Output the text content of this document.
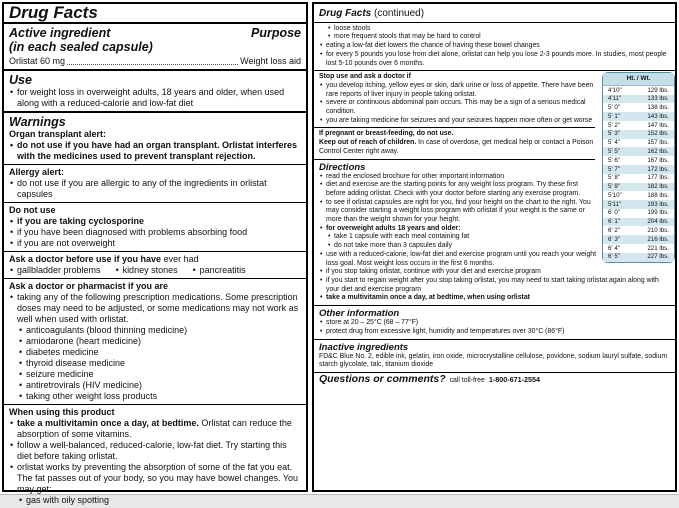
Drug Facts
Active ingredient	Purpose
(in each sealed capsule)
Orlistat 60 mg	Weight loss aid
Use
• for weight loss in overweight adults, 18 years and older, when used along with a reduced-calorie and low-fat diet
Warnings
Organ transplant alert:
• do not use if you have had an organ transplant. Orlistat interferes with the medicines used to prevent transplant rejection.
Allergy alert:
• do not use if you are allergic to any of the ingredients in orlistat capsules
Do not use
• if you are taking cyclosporine
• if you have been diagnosed with problems absorbing food
• if you are not overweight
Ask a doctor before use if you have ever had
• gallbladder problems • kidney stones • pancreatitis
Ask a doctor or pharmacist if you are
• taking any of the following prescription medications. Some prescription doses may need to be adjusted, or some medications may not work as well when used with orlistat.
• anticoagulants (blood thinning medicine)
• amiodarone (heart medicine)
• diabetes medicine
• thyroid disease medicine
• seizure medicine
• antiretrovirals (HIV medicine)
• taking other weight loss products
When using this product
• take a multivitamin once a day, at bedtime. Orlistat can reduce the absorption of some vitamins.
• follow a well-balanced, reduced-calorie, low-fat diet. Try starting this diet before taking orlistat.
• orlistat works by preventing the absorption of some of the fat you eat. The fat passes out of your body, so you may have bowel changes. You may get:
• gas with oily spotting
Drug Facts (continued)
• loose stools
• more frequent stools that may be hard to control
• eating a low-fat diet lowers the chance of having these bowel changes
• for every 5 pounds you lose from diet alone, orlistat can help you lose 2-3 pounds more. In studies, most people lost 5-10 pounds over 6 months.
Ht. / Wt.	
4'10"	129 lbs.
4'11"	133 lbs.
5' 0"	138 lbs.
5' 1"	143 lbs.
5' 2"	147 lbs.
5' 3"	152 lbs.
5' 4"	157 lbs.
5' 5"	162 lbs.
5' 6"	167 lbs.
5' 7"	172 lbs.
5' 8"	177 lbs.
5' 9"	182 lbs.
5'10"	188 lbs.
5'11"	193 lbs.
6' 0"	199 lbs.
6' 1"	204 lbs.
6' 2"	210 lbs.
6' 3"	216 lbs.
6' 4"	221 lbs.
6' 5"	227 lbs.
Stop use and ask a doctor if
• you develop itching, yellow eyes or skin, dark urine or loss of appetite. There have been rare reports of liver injury in people taking orlistat.
• severe or continuous abdominal pain occurs. This may be a sign of a serious medical condition.
• you are taking medicine for seizures and your seizures happen more often or get worse
If pregnant or breast-feeding, do not use.
Keep out of reach of children. In case of overdose, get medical help or contact a Poison Control Center right away.
Directions
• read the enclosed brochure for other important information
• diet and exercise are the starting points for any weight loss program. Try these first before adding orlistat. Check with your doctor before starting any exercise program.
• to see if orlistat capsules are right for you, find your height on the chart to the right. You may consider starting a weight loss program with orlistat if your weight is the same or more than the weight shown for your height.
• for overweight adults 18 years and older:
• take 1 capsule with each meal containing fat
• do not take more than 3 capsules daily
• use with a reduced-calorie, low-fat diet and exercise program until you reach your weight loss goal. Most weight loss occurs in the first 6 months.
• if you stop taking orlistat, continue with your diet and exercise program
• if you start to regain weight after you stop taking orlistat, you may need to start taking orlistat again along with your diet and exercise program
• take a multivitamin once a day, at bedtime, when using orlistat
Other information
• store at 20 – 25°C (68 – 77°F)
• protect drug from excessive light, humidity and temperatures over 30°C (86°F)
Inactive ingredients
FD&C Blue No. 2, edible ink, gelatin, iron oxide, microcrystalline cellulose, povidone, sodium lauryl sulfate, sodium starch glycolate, talc, titanium dioxide
Questions or comments? call toll-free 1-800-671-2554
